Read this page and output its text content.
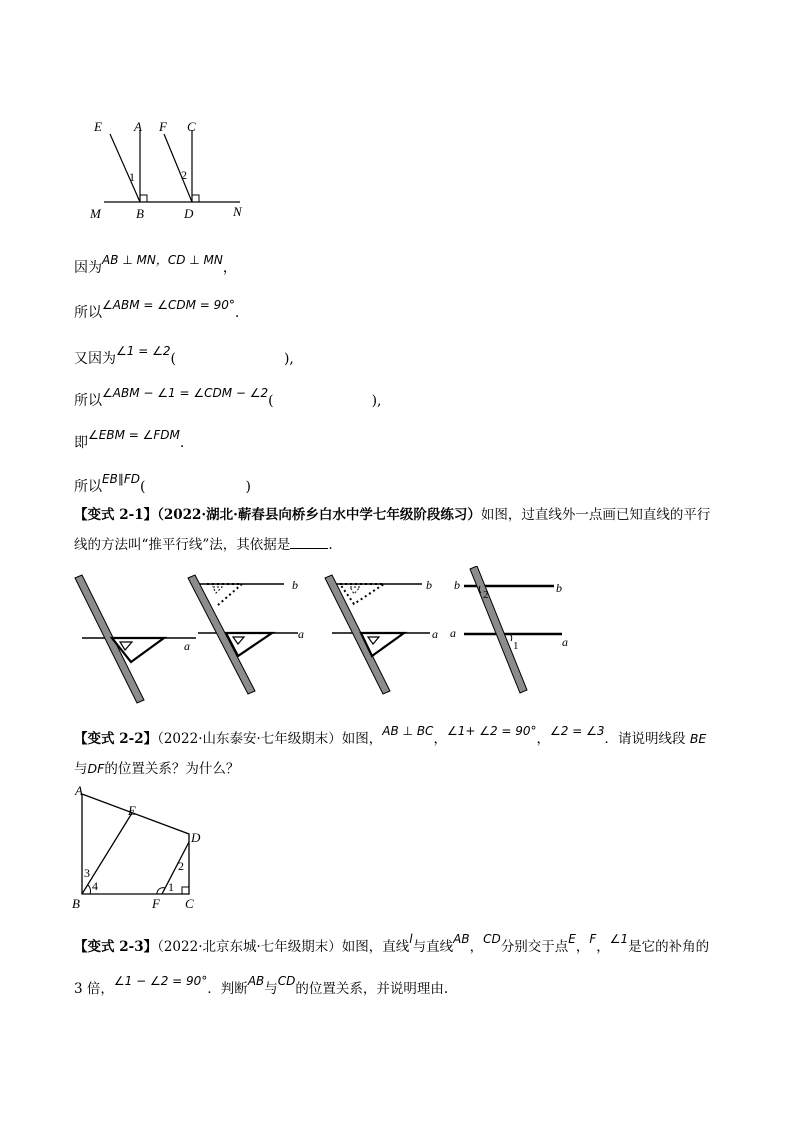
E A F C
1	2
M	B	D	N
因为AB ⊥ MN，CD ⊥ MN，
所以∠ABM = ∠CDM = 90°.
又因为∠1 = ∠2(	),
所以∠ABM − ∠1 = ∠CDM − ∠2(	),
即∠EBM = ∠FDM.
所以EB∥FD(	)
【变式 2-1】（2022·湖北·蕲春县向桥乡白水中学七年级阶段练习）如图，过直线外一点画已知直线的平行
线的方法叫“推平行线”法，其依据是	.
a
b
a
b
a
b	b
a
a
2
1
【变式 2-2】（2022·山东泰安·七年级期末）如图，AB ⊥ BC，∠1+ ∠2 = 90°，∠2 = ∠3．请说明线段 BE
与DF的位置关系？为什么？
A
E
D
B	F C
3
4	1
2
【变式 2-3】（2022·北京东城·七年级期末）如图，直线l与直线AB，CD分别交于点E，F，∠1是它的补角的
3 倍，∠1 − ∠2 = 90°．判断AB与CD的位置关系，并说明理由.
